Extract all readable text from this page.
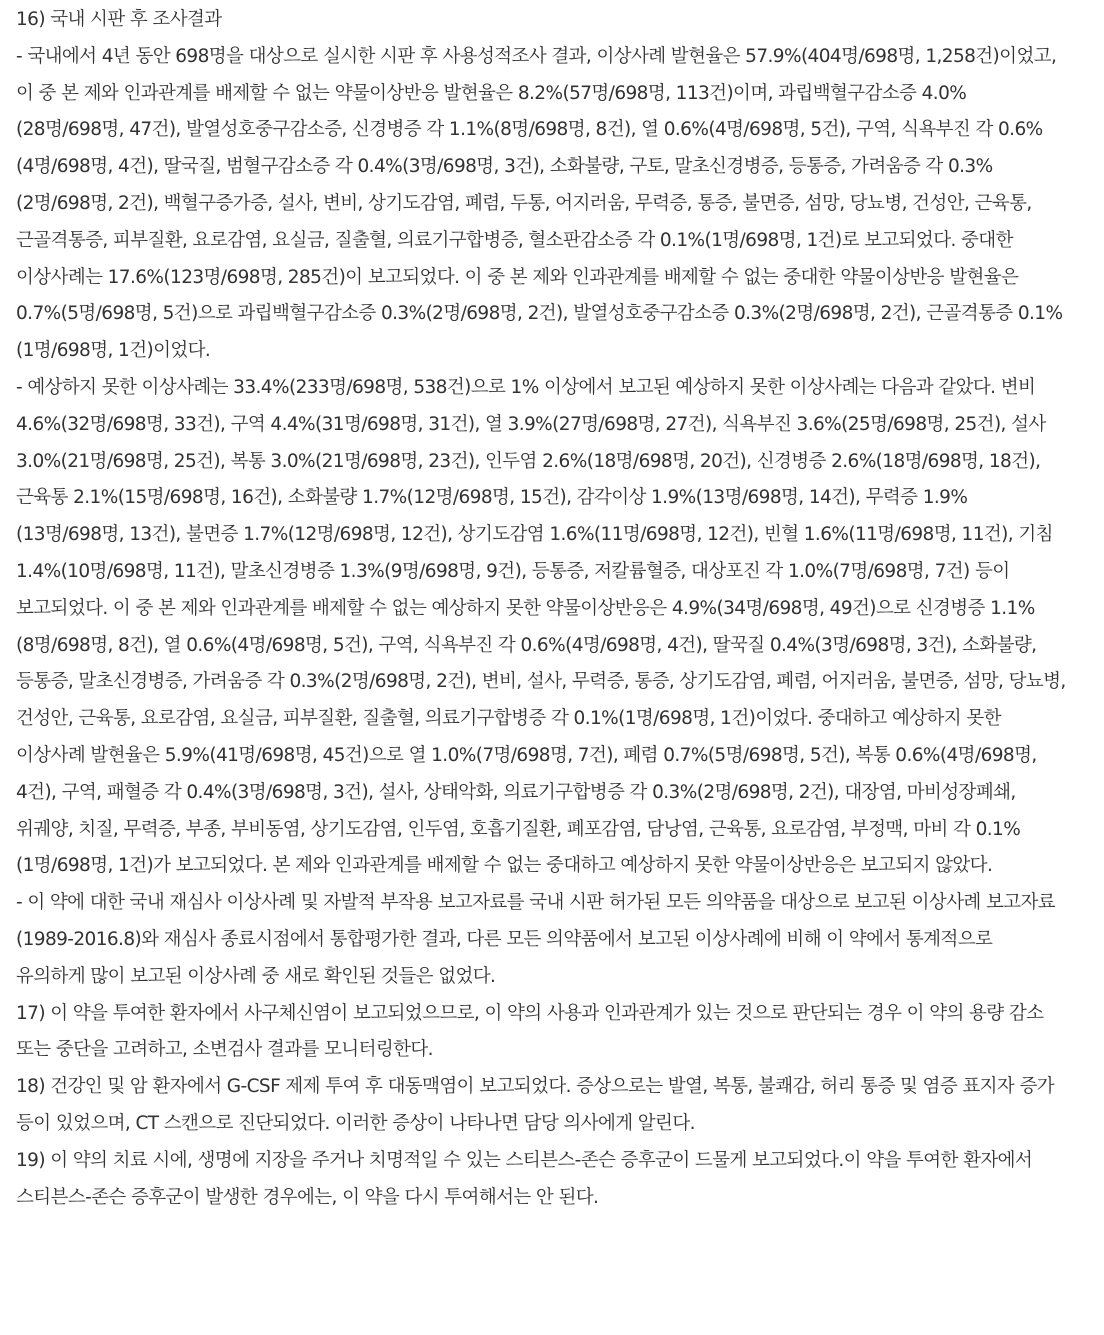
16) 국내 시판 후 조사결과

- 국내에서 4년 동안 698명을 대상으로 실시한 시판 후 사용성적조사 결과, 이상사례 발현율은 57.9%(404명/698명, 1,258건)이었고, 이 중 본 제와 인과관계를 배제할 수 없는 약물이상반응 발현율은 8.2%(57명/698명, 113건)이며, 과립백혈구감소증 4.0%(28명/698명, 47건), 발열성호중구감소증, 신경병증 각 1.1%(8명/698명, 8건), 열 0.6%(4명/698명, 5건), 구역, 식욕부진 각 0.6%(4명/698명, 4건), 딸국질, 범혈구감소증 각 0.4%(3명/698명, 3건), 소화불량, 구토, 말초신경병증, 등통증, 가려움증 각 0.3%(2명/698명, 2건), 백혈구증가증, 설사, 변비, 상기도감염, 폐렴, 두통, 어지러움, 무력증, 통증, 불면증, 섬망, 당뇨병, 건성안, 근육통, 근골격통증, 피부질환, 요로감염, 요실금, 질출혈, 의료기구합병증, 혈소판감소증 각 0.1%(1명/698명, 1건)로 보고되었다. 중대한 이상사례는 17.6%(123명/698명, 285건)이 보고되었다. 이 중 본 제와 인과관계를 배제할 수 없는 중대한 약물이상반응 발현율은 0.7%(5명/698명, 5건)으로 과립백혈구감소증 0.3%(2명/698명, 2건), 발열성호중구감소증 0.3%(2명/698명, 2건), 근골격통증 0.1%(1명/698명, 1건)이었다.

- 예상하지 못한 이상사례는 33.4%(233명/698명, 538건)으로 1% 이상에서 보고된 예상하지 못한 이상사례는 다음과 같았다. 변비 4.6%(32명/698명, 33건), 구역 4.4%(31명/698명, 31건), 열 3.9%(27명/698명, 27건), 식욕부진 3.6%(25명/698명, 25건), 설사 3.0%(21명/698명, 25건), 복통 3.0%(21명/698명, 23건), 인두염 2.6%(18명/698명, 20건), 신경병증 2.6%(18명/698명, 18건), 근육통 2.1%(15명/698명, 16건), 소화불량 1.7%(12명/698명, 15건), 감각이상 1.9%(13명/698명, 14건), 무력증 1.9%(13명/698명, 13건), 불면증 1.7%(12명/698명, 12건), 상기도감염 1.6%(11명/698명, 12건), 빈혈 1.6%(11명/698명, 11건), 기침 1.4%(10명/698명, 11건), 말초신경병증 1.3%(9명/698명, 9건), 등통증, 저칼륨혈증, 대상포진 각 1.0%(7명/698명, 7건) 등이 보고되었다. 이 중 본 제와 인과관계를 배제할 수 없는 예상하지 못한 약물이상반응은 4.9%(34명/698명, 49건)으로 신경병증 1.1%(8명/698명, 8건), 열 0.6%(4명/698명, 5건), 구역, 식욕부진 각 0.6%(4명/698명, 4건), 딸꾹질 0.4%(3명/698명, 3건), 소화불량, 등통증, 말초신경병증, 가려움증 각 0.3%(2명/698명, 2건), 변비, 설사, 무력증, 통증, 상기도감염, 폐렴, 어지러움, 불면증, 섬망, 당뇨병, 건성안, 근육통, 요로감염, 요실금, 피부질환, 질출혈, 의료기구합병증 각 0.1%(1명/698명, 1건)이었다. 중대하고 예상하지 못한 이상사례 발현율은 5.9%(41명/698명, 45건)으로 열 1.0%(7명/698명, 7건), 폐렴 0.7%(5명/698명, 5건), 복통 0.6%(4명/698명, 4건), 구역, 패혈증 각 0.4%(3명/698명, 3건), 설사, 상태악화, 의료기구합병증 각 0.3%(2명/698명, 2건), 대장염, 마비성장폐쇄, 위궤양, 치질, 무력증, 부종, 부비동염, 상기도감염, 인두염, 호흡기질환, 폐포감염, 담낭염, 근육통, 요로감염, 부정맥, 마비 각 0.1%(1명/698명, 1건)가 보고되었다. 본 제와 인과관계를 배제할 수 없는 중대하고 예상하지 못한 약물이상반응은 보고되지 않았다.

- 이 약에 대한 국내 재심사 이상사례 및 자발적 부작용 보고자료를 국내 시판 허가된 모든 의약품을 대상으로 보고된 이상사례 보고자료(1989-2016.8)와 재심사 종료시점에서 통합평가한 결과, 다른 모든 의약품에서 보고된 이상사례에 비해 이 약에서 통계적으로 유의하게 많이 보고된 이상사례 중 새로 확인된 것들은 없었다.

17) 이 약을 투여한 환자에서 사구체신염이 보고되었으므로, 이 약의 사용과 인과관계가 있는 것으로 판단되는 경우 이 약의 용량 감소 또는 중단을 고려하고, 소변검사 결과를 모니터링한다.

18) 건강인 및 암 환자에서 G-CSF 제제 투여 후 대동맥염이 보고되었다. 증상으로는 발열, 복통, 불쾌감, 허리 통증 및 염증 표지자 증가 등이 있었으며, CT 스캔으로 진단되었다. 이러한 증상이 나타나면 담당 의사에게 알린다.

19) 이 약의 치료 시에, 생명에 지장을 주거나 치명적일 수 있는 스티븐스-존슨 증후군이 드물게 보고되었다.이 약을 투여한 환자에서 스티븐스-존슨 증후군이 발생한 경우에는, 이 약을 다시 투여해서는 안 된다.
